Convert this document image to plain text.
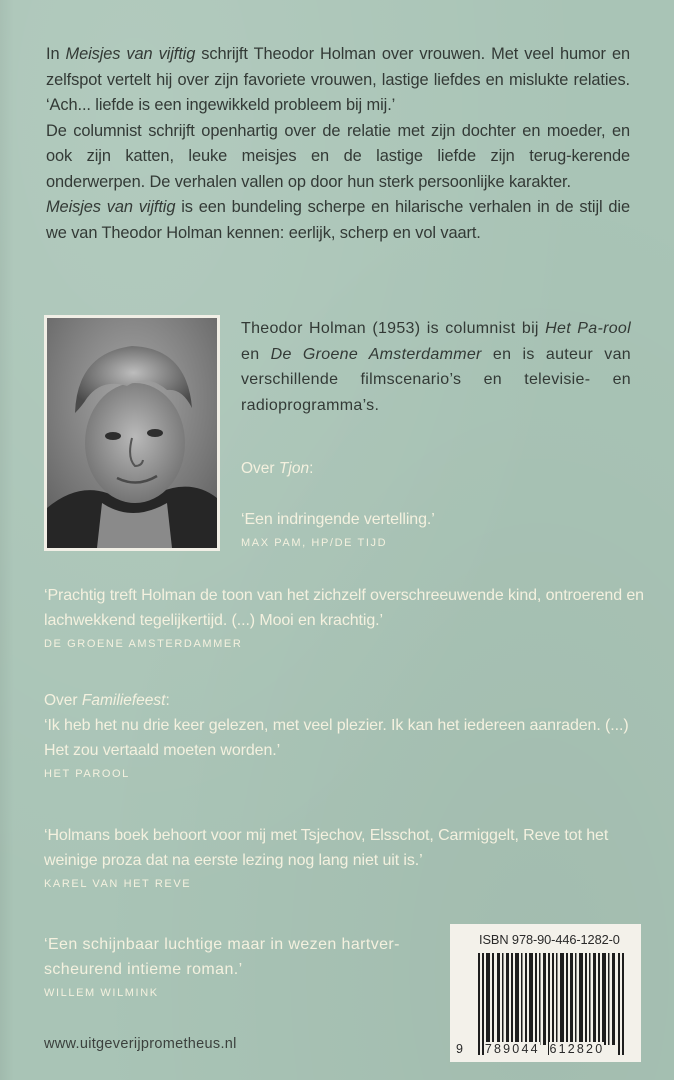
In Meisjes van vijftig schrijft Theodor Holman over vrouwen. Met veel humor en zelfspot vertelt hij over zijn favoriete vrouwen, lastige liefdes en mislukte relaties. ‘Ach... liefde is een ingewikkeld probleem bij mij.’

De columnist schrijft openhartig over de relatie met zijn dochter en moeder, en ook zijn katten, leuke meisjes en de lastige liefde zijn terug-kerende onderwerpen. De verhalen vallen op door hun sterk persoonlijke karakter.

Meisjes van vijftig is een bundeling scherpe en hilarische verhalen in de stijl die we van Theodor Holman kennen: eerlijk, scherp en vol vaart.

Theodor Holman (1953) is columnist bij Het Pa-rool en De Groene Amsterdammer en is auteur van verschillende filmscenario’s en televisie- en radioprogramma’s.
Over Tjon:
‘Een indringende vertelling.’
MAX PAM, HP/DE TIJD
‘Prachtig treft Holman de toon van het zichzelf overschreeuwende kind, ontroerend en lachwekkend tegelijkertijd. (...) Mooi en krachtig.’
DE GROENE AMSTERDAMMER
Over Familiefeest:
‘Ik heb het nu drie keer gelezen, met veel plezier. Ik kan het iedereen aanraden. (...) Het zou vertaald moeten worden.’
HET PAROOL
‘Holmans boek behoort voor mij met Tsjechov, Elsschot, Carmiggelt, Reve tot het weinige proza dat na eerste lezing nog lang niet uit is.’
KAREL VAN HET REVE
‘Een schijnbaar luchtige maar in wezen hartver-scheurend intieme roman.’
WILLEM WILMINK
www.uitgeverijprometheus.nl
ISBN 978-90-446-1282-0
9 789044 612820
